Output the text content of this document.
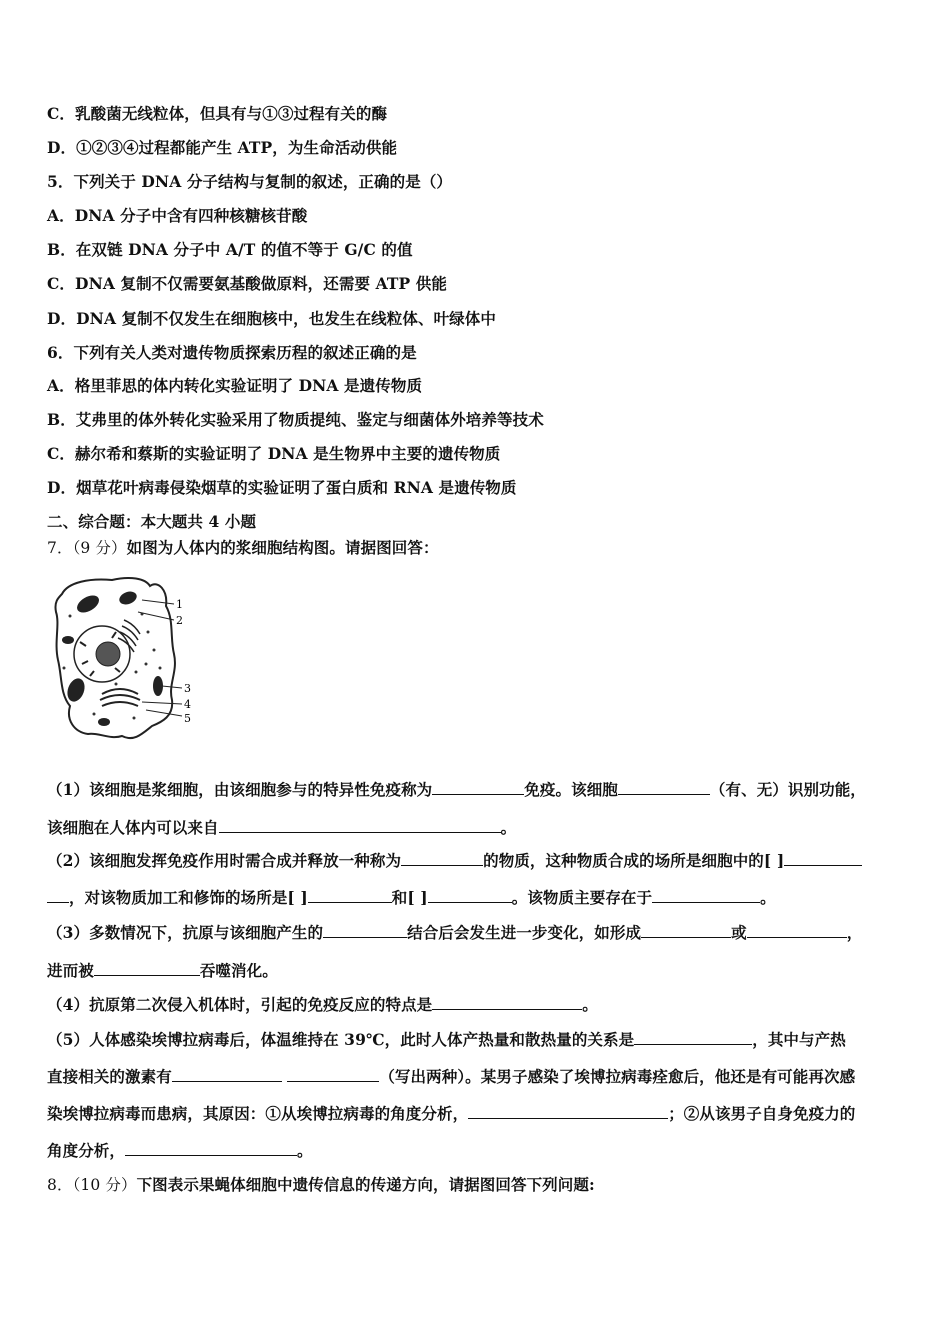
C．乳酸菌无线粒体，但具有与①③过程有关的酶
D．①②③④过程都能产生 ATP，为生命活动供能
5．下列关于 DNA 分子结构与复制的叙述，正确的是（）
A．DNA 分子中含有四种核糖核苷酸
B．在双链 DNA 分子中 A/T 的值不等于 G/C 的值
C．DNA 复制不仅需要氨基酸做原料，还需要 ATP 供能
D．DNA 复制不仅发生在细胞核中，也发生在线粒体、叶绿体中
6．下列有关人类对遗传物质探索历程的叙述正确的是
A．格里菲思的体内转化实验证明了 DNA 是遗传物质
B．艾弗里的体外转化实验采用了物质提纯、鉴定与细菌体外培养等技术
C．赫尔希和蔡斯的实验证明了 DNA 是生物界中主要的遗传物质
D．烟草花叶病毒侵染烟草的实验证明了蛋白质和 RNA 是遗传物质
二、综合题：本大题共 4 小题
7．（9 分）如图为人体内的浆细胞结构图。请据图回答：
1
2
3
4
5
（1）该细胞是浆细胞，由该细胞参与的特异性免疫称为	免疫。该细胞	（有、无）识别功能，
该细胞在人体内可以来自	。
（2）该细胞发挥免疫作用时需合成并释放一种称为	的物质，这种物质合成的场所是细胞中的[ ]
，对该物质加工和修饰的场所是[ ]	和[ ]	。该物质主要存在于	。
（3）多数情况下，抗原与该细胞产生的	结合后会发生进一步变化，如形成	或	，
进而被	吞噬消化。
（4）抗原第二次侵入机体时，引起的免疫反应的特点是	。
（5）人体感染埃博拉病毒后，体温维持在 39℃，此时人体产热量和散热量的关系是	，其中与产热
直接相关的激素有	（写出两种）。某男子感染了埃博拉病毒痊愈后，他还是有可能再次感
染埃博拉病毒而患病，其原因：①从埃博拉病毒的角度分析，	；②从该男子自身免疫力的
角度分析，	。
8．（10 分）下图表示果蝇体细胞中遗传信息的传递方向，请据图回答下列问题:
